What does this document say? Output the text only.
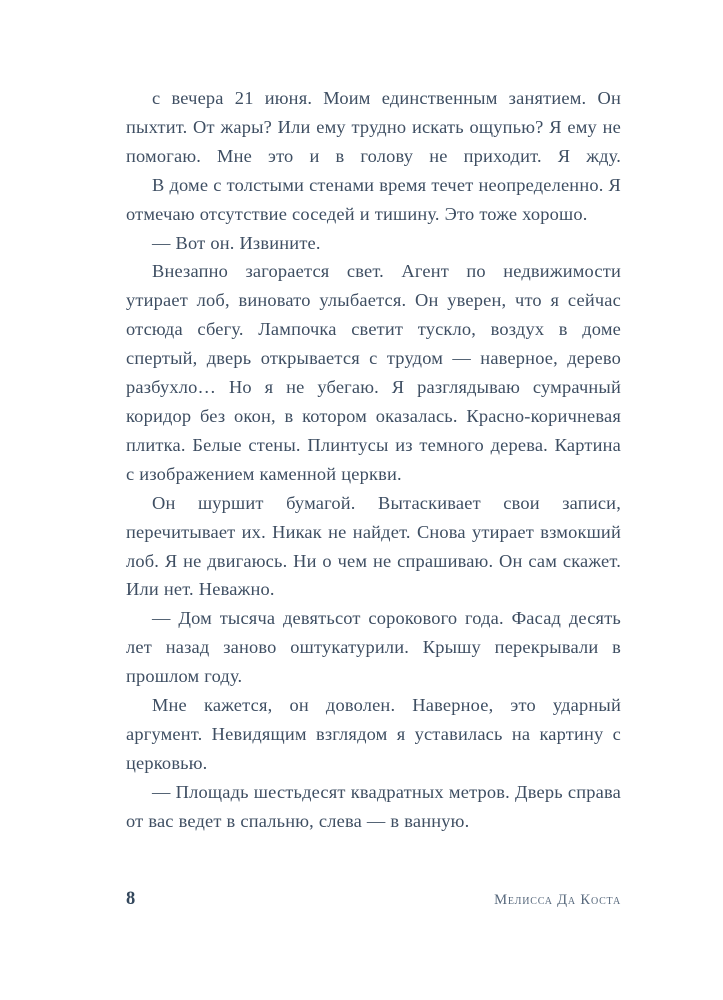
с вечера 21 июня. Моим единственным занятием. Он пыхтит. От жары? Или ему трудно искать ощупью? Я ему не помогаю. Мне это и в голову не приходит. Я жду.

В доме с толстыми стенами время течет неопределенно. Я отмечаю отсутствие соседей и тишину. Это тоже хорошо.

— Вот он. Извините.

Внезапно загорается свет. Агент по недвижимости утирает лоб, виновато улыбается. Он уверен, что я сейчас отсюда сбегу. Лампочка светит тускло, воздух в доме спертый, дверь открывается с трудом — наверное, дерево разбухло… Но я не убегаю. Я разглядываю сумрачный коридор без окон, в котором оказалась. Красно-коричневая плитка. Белые стены. Плинтусы из темного дерева. Картина с изображением каменной церкви.

Он шуршит бумагой. Вытаскивает свои записи, перечитывает их. Никак не найдет. Снова утирает взмокший лоб. Я не двигаюсь. Ни о чем не спрашиваю. Он сам скажет. Или нет. Неважно.

— Дом тысяча девятьсот сорокового года. Фасад десять лет назад заново оштукатурили. Крышу перекрывали в прошлом году.

Мне кажется, он доволен. Наверное, это ударный аргумент. Невидящим взглядом я уставилась на картину с церковью.

— Площадь шестьдесят квадратных метров. Дверь справа от вас ведет в спальню, слева — в ванную.

8	Мелисса Да Коста
